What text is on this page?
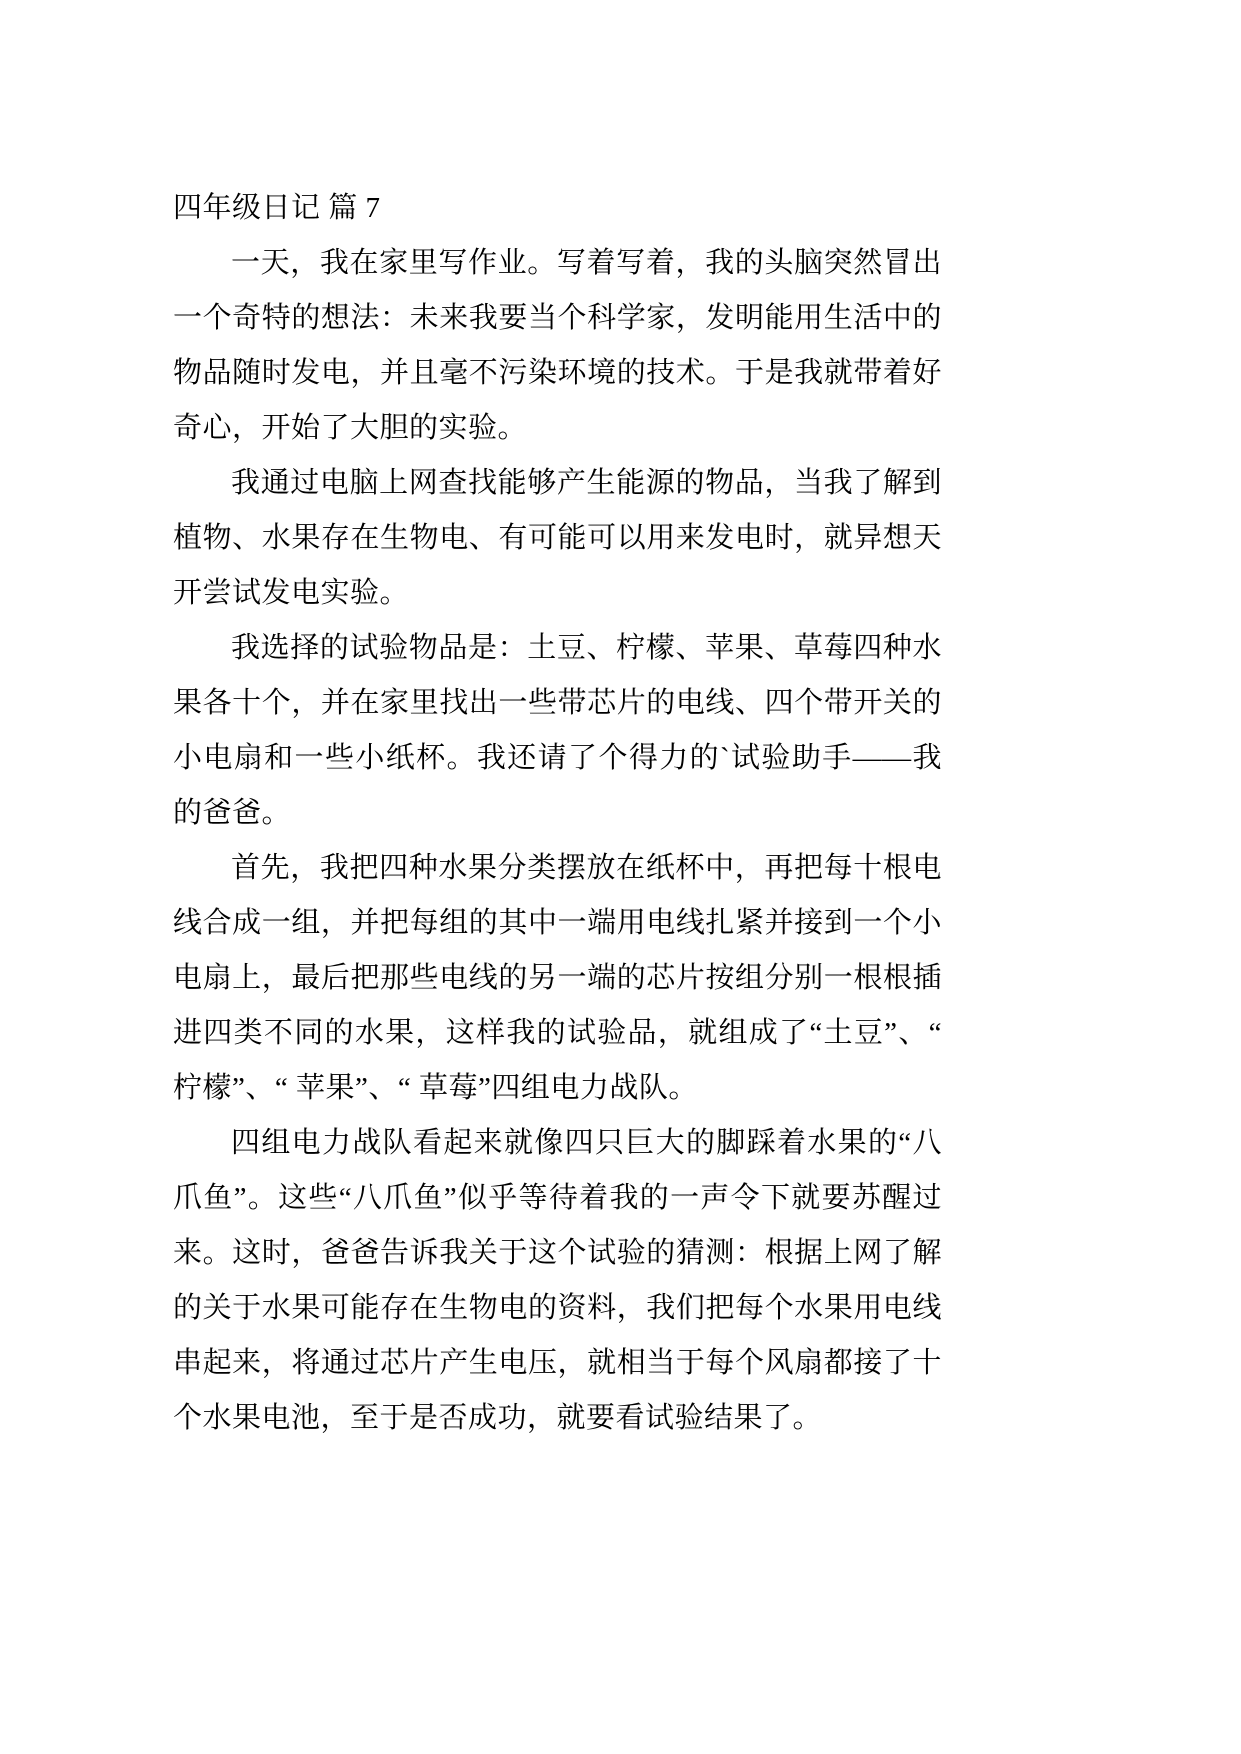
四年级日记 篇 7

一天，我在家里写作业。写着写着，我的头脑突然冒出一个奇特的想法：未来我要当个科学家，发明能用生活中的物品随时发电，并且毫不污染环境的技术。于是我就带着好奇心，开始了大胆的实验。

我通过电脑上网查找能够产生能源的物品，当我了解到植物、水果存在生物电、有可能可以用来发电时，就异想天开尝试发电实验。

我选择的试验物品是：土豆、柠檬、苹果、草莓四种水果各十个，并在家里找出一些带芯片的电线、四个带开关的小电扇和一些小纸杯。我还请了个得力的`试验助手——我的爸爸。

首先，我把四种水果分类摆放在纸杯中，再把每十根电线合成一组，并把每组的其中一端用电线扎紧并接到一个小电扇上，最后把那些电线的另一端的芯片按组分别一根根插进四类不同的水果，这样我的试验品，就组成了“土豆”、“ 柠檬”、“ 苹果”、“ 草莓”四组电力战队。

四组电力战队看起来就像四只巨大的脚踩着水果的“八爪鱼”。这些“八爪鱼”似乎等待着我的一声令下就要苏醒过来。这时，爸爸告诉我关于这个试验的猜测：根据上网了解的关于水果可能存在生物电的资料，我们把每个水果用电线串起来，将通过芯片产生电压，就相当于每个风扇都接了十个水果电池，至于是否成功，就要看试验结果了。
